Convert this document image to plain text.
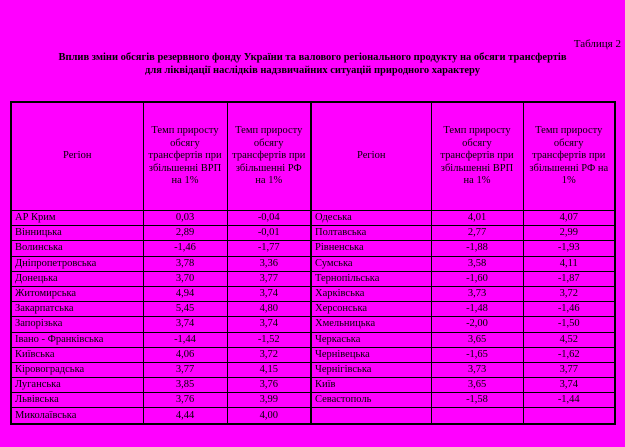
Таблиця 2
Вплив зміни обсягів резервного фонду України та валового регіонального продукту на обсяги трансфертів
для ліквідації наслідків надзвичайних ситуацій природного характеру
Регіон	Темп приросту обсягу трансфертів при збільшенні ВРП на 1%	Темп приросту обсягу трансфертів при збільшенні РФ на 1%	Регіон	Темп приросту обсягу трансфертів при збільшенні ВРП на 1%	Темп приросту обсягу трансфертів при збільшенні РФ на 1%
АР Крим	0,03	-0,04	Одеська	4,01	4,07
Вінницька	2,89	-0,01	Полтавська	2,77	2,99
Волинська	-1,46	-1,77	Рівненська	-1,88	-1,93
Дніпропетровська	3,78	3,36	Сумська	3,58	4,11
Донецька	3,70	3,77	Тернопільська	-1,60	-1,87
Житомирська	4,94	3,74	Харківська	3,73	3,72
Закарпатська	5,45	4,80	Херсонська	-1,48	-1,46
Запорізька	3,74	3,74	Хмельницька	-2,00	-1,50
Івано - Франківська	-1,44	-1,52	Черкаська	3,65	4,52
Київська	4,06	3,72	Чернівецька	-1,65	-1,62
Кіровоградська	3,77	4,15	Чернігівська	3,73	3,77
Луганська	3,85	3,76	Київ	3,65	3,74
Львівська	3,76	3,99	Севастополь	-1,58	-1,44
Миколаївська	4,44	4,00			
